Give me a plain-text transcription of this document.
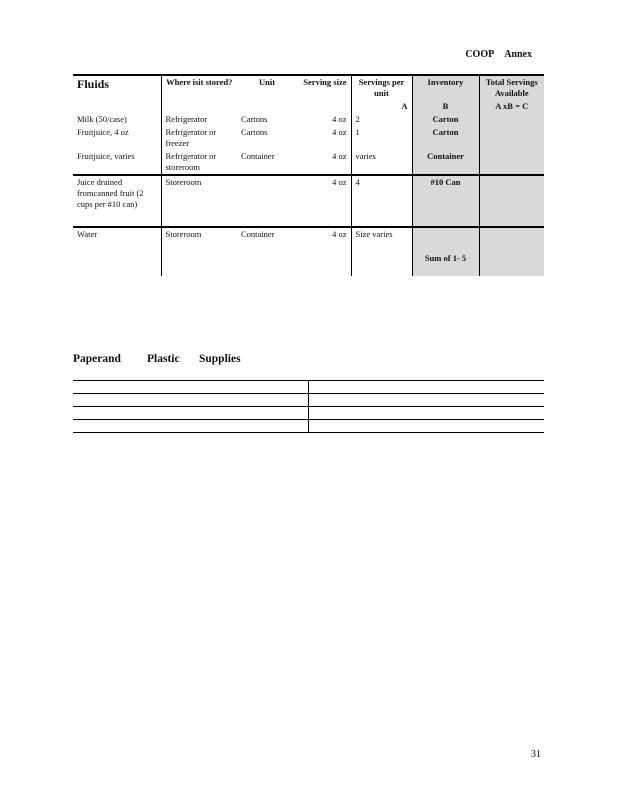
COOP Annex
Fluids	Where isit stored?	Unit	Serving size	Servings per unit	Inventory	Total Servings Available
				A	B	A xB = C
Milk (50/case)	Refrigerator	Cartons	4 oz	2	Carton	
Fruitjuice, 4 oz	Refrigerator or freezer	Cartons	4 oz	1	Carton	
Fruitjuice, varies	Refrigerator or storeroom	Container	4 oz	varies	Container	
Juice drained fromcanned fruit (2 cups per #10 can)	Storeroom		4 oz	4	#10 Can	
Water	Storeroom	Container	4 oz	Size varies		
					Sum of 1- 5	
Paperand Plastic Supplies
31
